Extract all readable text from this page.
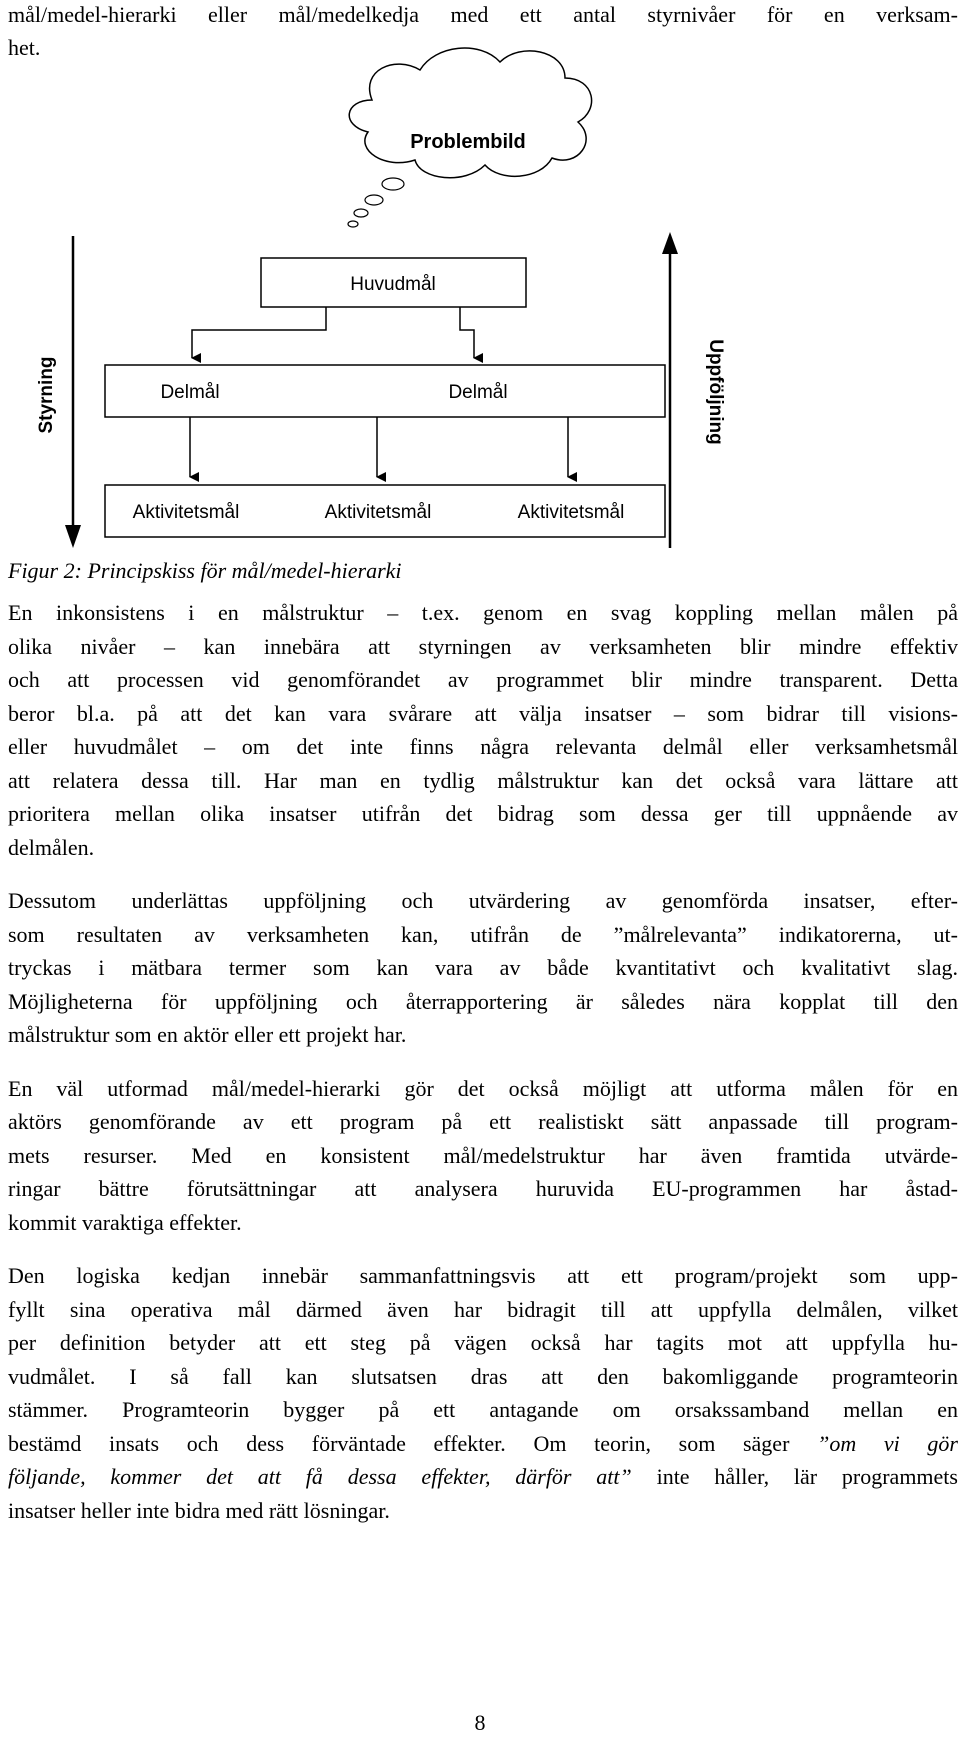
mål/medel-hierarki eller mål/medelkedja med ett antal styrnivåer för en verksam-
het.
Problembild
Huvudmål
Delmål	Delmål
Aktivitetsmål	Aktivitetsmål	Aktivitetsmål
Styrning	Uppföljning
Figur 2: Principskiss för mål/medel-hierarki

En inkonsistens i en målstruktur – t.ex. genom en svag koppling mellan målen på
olika nivåer – kan innebära att styrningen av verksamheten blir mindre effektiv
och att processen vid genomförandet av programmet blir mindre transparent. Detta
beror bl.a. på att det kan vara svårare att välja insatser – som bidrar till visions-
eller huvudmålet – om det inte finns några relevanta delmål eller verksamhetsmål
att relatera dessa till. Har man en tydlig målstruktur kan det också vara lättare att
prioritera mellan olika insatser utifrån det bidrag som dessa ger till uppnående av
delmålen.

Dessutom underlättas uppföljning och utvärdering av genomförda insatser, efter-
som resultaten av verksamheten kan, utifrån de ”målrelevanta” indikatorerna, ut-
tryckas i mätbara termer som kan vara av både kvantitativt och kvalitativt slag.
Möjligheterna för uppföljning och återrapportering är således nära kopplat till den
målstruktur som en aktör eller ett projekt har.

En väl utformad mål/medel-hierarki gör det också möjligt att utforma målen för en
aktörs genomförande av ett program på ett realistiskt sätt anpassade till program-
mets resurser. Med en konsistent mål/medelstruktur har även framtida utvärde-
ringar bättre förutsättningar att analysera huruvida EU-programmen har åstad-
kommit varaktiga effekter.

Den logiska kedjan innebär sammanfattningsvis att ett program/projekt som upp-
fyllt sina operativa mål därmed även har bidragit till att uppfylla delmålen, vilket
per definition betyder att ett steg på vägen också har tagits mot att uppfylla hu-
vudmålet. I så fall kan slutsatsen dras att den bakomliggande programteorin
stämmer. Programteorin bygger på ett antagande om orsakssamband mellan en
bestämd insats och dess förväntade effekter. Om teorin, som säger ”om vi gör
följande, kommer det att få dessa effekter, därför att” inte håller, lär programmets
insatser heller inte bidra med rätt lösningar.

8
